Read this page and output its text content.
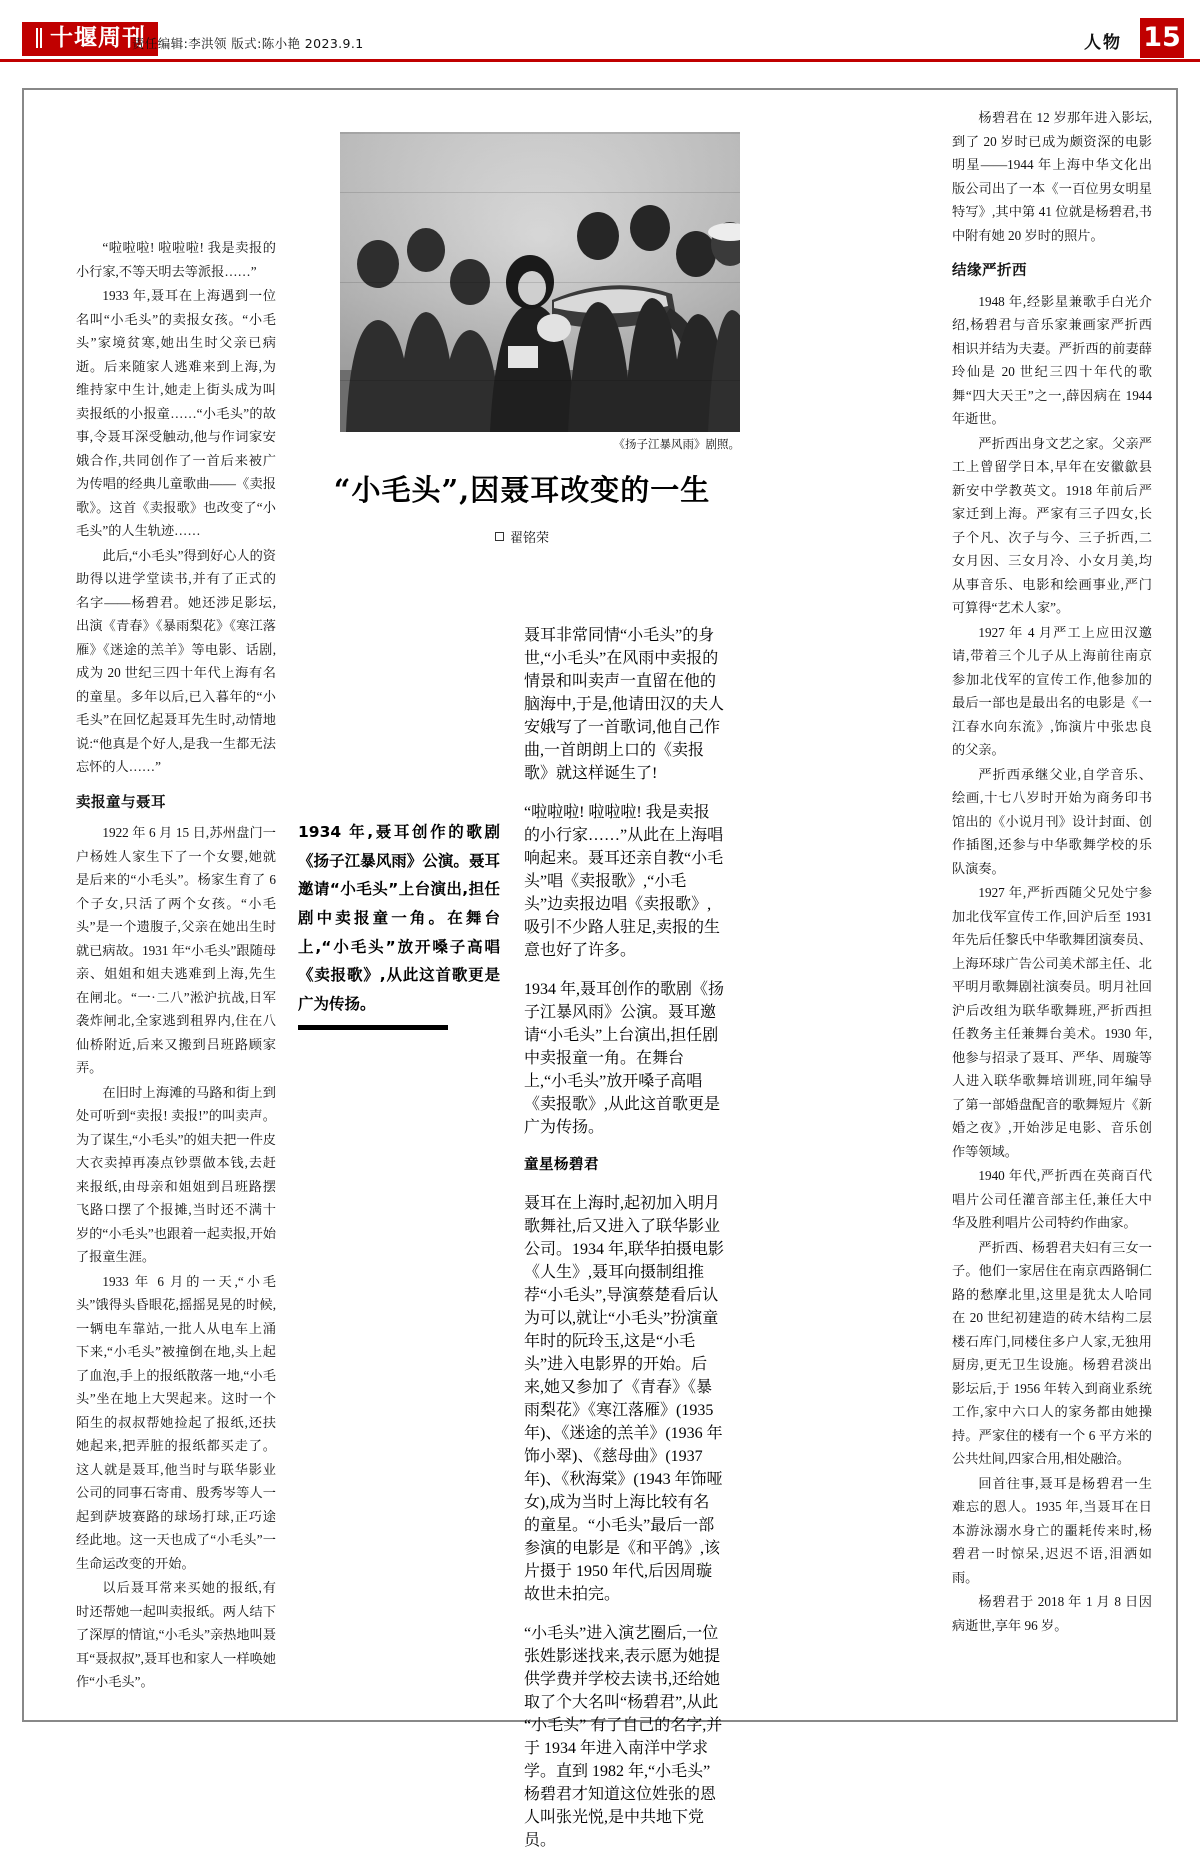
十堰周刊
责任编辑:李洪领 版式:陈小艳 2023.9.1	人物 15
《扬子江暴风雨》剧照。
“小毛头”,因聂耳改变的一生
翟铭荣

“啦啦啦! 啦啦啦! 我是卖报的小行家,不等天明去等派报……”

1933 年,聂耳在上海遇到一位名叫“小毛头”的卖报女孩。“小毛头”家境贫寒,她出生时父亲已病逝。后来随家人逃难来到上海,为维持家中生计,她走上街头成为叫卖报纸的小报童……“小毛头”的故事,令聂耳深受触动,他与作词家安娥合作,共同创作了一首后来被广为传唱的经典儿童歌曲——《卖报歌》。这首《卖报歌》也改变了“小毛头”的人生轨迹……

此后,“小毛头”得到好心人的资助得以进学堂读书,并有了正式的名字——杨碧君。她还涉足影坛,出演《青春》《暴雨梨花》《寒江落雁》《迷途的羔羊》等电影、话剧,成为 20 世纪三四十年代上海有名的童星。多年以后,已入暮年的“小毛头”在回忆起聂耳先生时,动情地说:“他真是个好人,是我一生都无法忘怀的人……”

卖报童与聂耳

1922 年 6 月 15 日,苏州盘门一户杨姓人家生下了一个女婴,她就是后来的“小毛头”。杨家生育了 6 个子女,只活了两个女孩。“小毛头”是一个遗腹子,父亲在她出生时就已病故。1931 年“小毛头”跟随母亲、姐姐和姐夫逃难到上海,先生在闸北。“一·二八”淞沪抗战,日军袭炸闸北,全家逃到租界内,住在八仙桥附近,后来又搬到吕班路顾家弄。

在旧时上海滩的马路和街上到处可听到“卖报! 卖报!”的叫卖声。为了谋生,“小毛头”的姐夫把一件皮大衣卖掉再凑点钞票做本钱,去赶来报纸,由母亲和姐姐到吕班路摆飞路口摆了个报摊,当时还不满十岁的“小毛头”也跟着一起卖报,开始了报童生涯。

1933 年 6 月的一天,“小毛头”饿得头昏眼花,摇摇晃晃的时候,一辆电车靠站,一批人从电车上涌下来,“小毛头”被撞倒在地,头上起了血泡,手上的报纸散落一地,“小毛头”坐在地上大哭起来。这时一个陌生的叔叔帮她捡起了报纸,还扶她起来,把弄脏的报纸都买走了。这人就是聂耳,他当时与联华影业公司的同事石寄甫、殷秀岑等人一起到萨坡赛路的球场打球,正巧途经此地。这一天也成了“小毛头”一生命运改变的开始。

以后聂耳常来买她的报纸,有时还帮她一起叫卖报纸。两人结下了深厚的情谊,“小毛头”亲热地叫聂耳“聂叔叔”,聂耳也和家人一样唤她作“小毛头”。

1934 年,聂耳创作的歌剧《扬子江暴风雨》公演。聂耳邀请“小毛头”上台演出,担任剧中卖报童一角。在舞台上,“小毛头”放开嗓子高唱《卖报歌》,从此这首歌更是广为传扬。

聂耳非常同情“小毛头”的身世,“小毛头”在风雨中卖报的情景和叫卖声一直留在他的脑海中,于是,他请田汉的夫人安娥写了一首歌词,他自己作曲,一首朗朗上口的《卖报歌》就这样诞生了!

“啦啦啦! 啦啦啦! 我是卖报的小行家……”从此在上海唱响起来。聂耳还亲自教“小毛头”唱《卖报歌》,“小毛头”边卖报边唱《卖报歌》,吸引不少路人驻足,卖报的生意也好了许多。

1934 年,聂耳创作的歌剧《扬子江暴风雨》公演。聂耳邀请“小毛头”上台演出,担任剧中卖报童一角。在舞台上,“小毛头”放开嗓子高唱《卖报歌》,从此这首歌更是广为传扬。

童星杨碧君

聂耳在上海时,起初加入明月歌舞社,后又进入了联华影业公司。1934 年,联华拍摄电影《人生》,聂耳向摄制组推荐“小毛头”,导演蔡楚看后认为可以,就让“小毛头”扮演童年时的阮玲玉,这是“小毛头”进入电影界的开始。后来,她又参加了《青春》《暴雨梨花》《寒江落雁》(1935 年)、《迷途的羔羊》(1936 年饰小翠)、《慈母曲》(1937 年)、《秋海棠》(1943 年饰哑女),成为当时上海比较有名的童星。“小毛头”最后一部参演的电影是《和平鸽》,该片摄于 1950 年代,后因周璇故世未拍完。

“小毛头”进入演艺圈后,一位张姓影迷找来,表示愿为她提供学费并学校去读书,还给她取了个大名叫“杨碧君”,从此 “小毛头” 有了自己的名字,并于 1934 年进入南洋中学求学。直到 1982 年,“小毛头” 杨碧君才知道这位姓张的恩人叫张光悦,是中共地下党员。

杨碧君在 12 岁那年进入影坛,到了 20 岁时已成为颇资深的电影明星——1944 年上海中华文化出版公司出了一本《一百位男女明星特写》,其中第 41 位就是杨碧君,书中附有她 20 岁时的照片。

结缘严折西

1948 年,经影星兼歌手白光介绍,杨碧君与音乐家兼画家严折西相识并结为夫妻。严折西的前妻薛玲仙是 20 世纪三四十年代的歌舞“四大天王”之一,薛因病在 1944 年逝世。

严折西出身文艺之家。父亲严工上曾留学日本,早年在安徽歙县新安中学教英文。1918 年前后严家迁到上海。严家有三子四女,长子个凡、次子与今、三子折西,二女月因、三女月冷、小女月美,均从事音乐、电影和绘画事业,严门可算得“艺术人家”。

1927 年 4 月严工上应田汉邀请,带着三个儿子从上海前往南京参加北伐军的宣传工作,他参加的最后一部也是最出名的电影是《一江春水向东流》,饰演片中张忠良的父亲。

严折西承继父业,自学音乐、绘画,十七八岁时开始为商务印书馆出的《小说月刊》设计封面、创作插图,还参与中华歌舞学校的乐队演奏。

1927 年,严折西随父兄处宁参加北伐军宣传工作,回沪后至 1931 年先后任黎氏中华歌舞团演奏员、上海环球广告公司美术部主任、北平明月歌舞剧社演奏员。明月社回沪后改组为联华歌舞班,严折西担任教务主任兼舞台美术。1930 年,他参与招录了聂耳、严华、周璇等人进入联华歌舞培训班,同年编导了第一部婚盘配音的歌舞短片《新婚之夜》,开始涉足电影、音乐创作等领域。

1940 年代,严折西在英商百代唱片公司任灌音部主任,兼任大中华及胜利唱片公司特约作曲家。

严折西、杨碧君夫妇有三女一子。他们一家居住在南京西路铜仁路的愁摩北里,这里是犹太人哈同在 20 世纪初建造的砖木结构二层楼石库门,同楼住多户人家,无独用厨房,更无卫生设施。杨碧君淡出影坛后,于 1956 年转入到商业系统工作,家中六口人的家务都由她操持。严家住的楼有一个 6 平方米的公共灶间,四家合用,相处融洽。

回首往事,聂耳是杨碧君一生难忘的恩人。1935 年,当聂耳在日本游泳溺水身亡的噩耗传来时,杨碧君一时惊呆,迟迟不语,泪洒如雨。

杨碧君于 2018 年 1 月 8 日因病逝世,享年 96 岁。
